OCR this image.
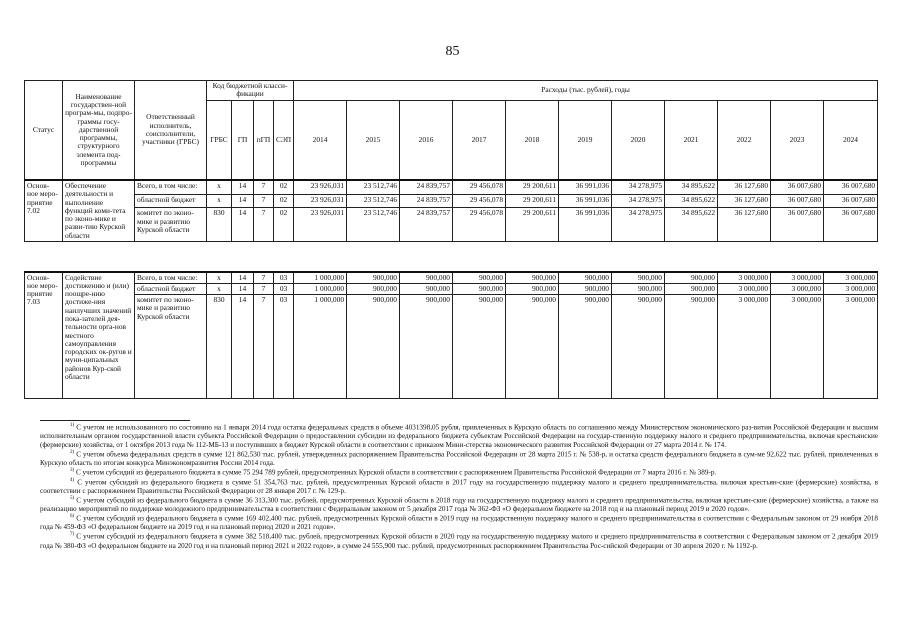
85
Статус	Наименование государствен-ной програм-мы, подпро-граммы госу-дарственной программы, структурного элемента под-программы	Ответственный исполнитель, соисполнители, участники (ГРБС)	Код бюджетной класси-фикации				Расходы (тыс. рублей), годы										
			ГРБС	ГП	пГП	СЭП	2014	2015	2016	2017	2018	2019	2020	2021	2022	2023	2024
Основ-ное меро-приятие 7.02	Обеспечение деятельности и выполнение функций коми-тета по эконо-мике и разви-тию Курской области	Всего, в том числе:	x	14	7	02	23 926,031	23 512,746	24 839,757	29 456,078	29 200,611	36 991,036	34 278,975	34 895,622	36 127,680	36 007,680	36 007,680
		областной бюджет	x	14	7	02	23 926,031	23 512,746	24 839,757	29 456,078	29 200,611	36 991,036	34 278,975	34 895,622	36 127,680	36 007,680	36 007,680
		комитет по эконо-мике и развитию Курской области	830	14	7	02	23 926,031	23 512,746	24 839,757	29 456,078	29 200,611	36 991,036	34 278,975	34 895,622	36 127,680	36 007,680	36 007,680

Основ-ное меро-приятие 7.03	Содействие достижению и (или) поощре-нию достиже-ния наилучших значений пока-зателей дея-тельности орга-нов местного самоуправления городских ок-ругов и муни-ципальных районов Кур-ской области	Всего, в том числе:	x	14	7	03	1 000,000	900,000	900,000	900,000	900,000	900,000	900,000	900,000	3 000,000	3 000,000	3 000,000
		областной бюджет	x	14	7	03	1 000,000	900,000	900,000	900,000	900,000	900,000	900,000	900,000	3 000,000	3 000,000	3 000,000
		комитет по эконо-мике и развитию Курской области	830	14	7	03	1 000,000	900,000	900,000	900,000	900,000	900,000	900,000	900,000	3 000,000	3 000,000	3 000,000

$^{1)}$ С учетом не использованного по состоянию на 1 января 2014 года остатка федеральных средств в объеме 4031398,05 рубля, привлеченных в Курскую область по соглашению между Министерством экономического раз-вития Российской Федерации и высшим исполнительным органом государственной власти субъекта Российской Федерации о предоставлении субсидии из федерального бюджета субъектам Российской Федерации на государ-ственную поддержку малого и среднего предпринимательства, включая крестьянские (фермерские) хозяйства, от 1 октября 2013 года № 112-МБ-13 и поступивших в бюджет Курской области в соответствии с приказом Мини-стерства экономического развития Российской Федерации от 27 марта 2014 г. № 174.

$^{2)}$ С учетом объема федеральных средств в сумме 121 862,530 тыс. рублей, утвержденных распоряжением Правительства Российской Федерации от 28 марта 2015 г. № 538-р, и остатка средств федерального бюджета в сум-ме 92,622 тыс. рублей, привлеченных в Курскую область по итогам конкурса Минэкономразвития России 2014 года.

$^{3)}$ С учетом субсидий из федерального бюджета в сумме 75 294 789 рублей, предусмотренных Курской области в соответствии с распоряжением Правительства Российской Федерации от 7 марта 2016 г. № 389-р.

$^{4)}$ С учетом субсидий из федерального бюджета в сумме 51 354,763 тыс. рублей, предусмотренных Курской области в 2017 году на государственную поддержку малого и среднего предпринимательства, включая крестьян-ские (фермерские) хозяйства, в соответствии с распоряжением Правительства Российской Федерации от 28 января 2017 г. № 129-р.

$^{5)}$ С учетом субсидий из федерального бюджета в сумме 36 313,300 тыс. рублей, предусмотренных Курской области в 2018 году на государственную поддержку малого и среднего предпринимательства, включая крестьян-ские (фермерские) хозяйства, а также на реализацию мероприятий по поддержке молодежного предпринимательства в соответствии с Федеральным законом от 5 декабря 2017 года № 362-ФЗ «О федеральном бюджете на 2018 год и на плановый период 2019 и 2020 годов».

$^{6)}$ С учетом субсидий из федерального бюджета в сумме 169 402,400 тыс. рублей, предусмотренных Курской области в 2019 году на государственную поддержку малого и среднего предпринимательства в соответствии с Федеральным законом от 29 ноября 2018 года № 459-ФЗ «О федеральном бюджете на 2019 год и на плановый период 2020 и 2021 годов».

$^{7)}$ С учетом субсидий из федерального бюджета в сумме 382 518,400 тыс. рублей, предусмотренных Курской области в 2020 году на государственную поддержку малого и среднего предпринимательства в соответствии с Федеральным законом от 2 декабря 2019 года № 380-ФЗ «О федеральном бюджете на 2020 год и на плановый период 2021 и 2022 годов», в сумме 24 555,900 тыс. рублей, предусмотренных распоряжением Правительства Рос-сийской Федерации от 30 апреля 2020 г. № 1192-р.
